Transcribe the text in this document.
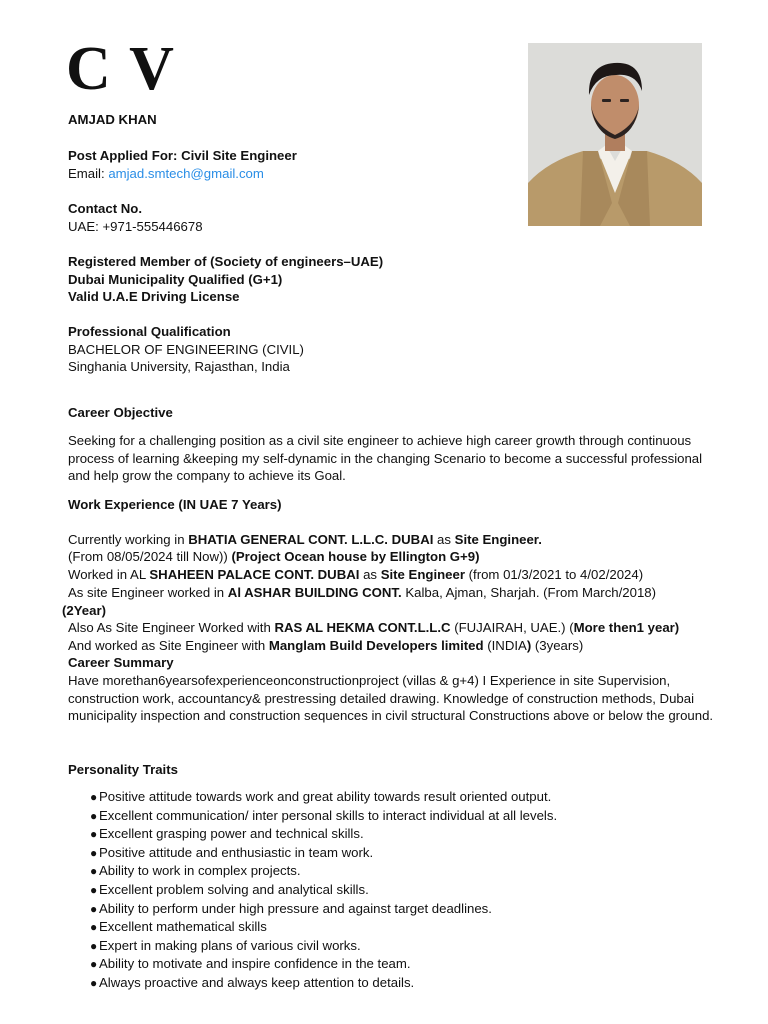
C V
AMJAD KHAN
Post Applied For: Civil Site Engineer
Email: amjad.smtech@gmail.com
Contact No.
UAE: +971-555446678
Registered Member of (Society of engineers–UAE)
Dubai Municipality Qualified (G+1)
Valid U.A.E Driving License
Professional Qualification
BACHELOR OF ENGINEERING (CIVIL)
Singhania University, Rajasthan, India
Career Objective
Seeking for a challenging position as a civil site engineer to achieve high career growth through continuous process of learning &keeping my self-dynamic in the changing Scenario to become a successful professional and help grow the company to achieve its Goal.
Work Experience (IN UAE 7 Years)
Currently working in BHATIA GENERAL CONT. L.L.C. DUBAI as Site Engineer.
(From 08/05/2024 till Now)) (Project Ocean house by Ellington G+9)
Worked in AL SHAHEEN PALACE CONT. DUBAI as Site Engineer (from 01/3/2021 to 4/02/2024)
As site Engineer worked in Al ASHAR BUILDING CONT. Kalba, Ajman, Sharjah. (From March/2018)
(2Year)
Also As Site Engineer Worked with RAS AL HEKMA CONT.L.L.C (FUJAIRAH, UAE.) (More then1 year)
And worked as Site Engineer with Manglam Build Developers limited (INDIA) (3years)
Career Summary
Have morethan6yearsofexperienceonconstructionproject (villas & g+4) I Experience in site Supervision, construction work, accountancy& prestressing detailed drawing. Knowledge of construction methods, Dubai municipality inspection and construction sequences in civil structural Constructions above or below the ground.
Personality Traits
● Positive attitude towards work and great ability towards result oriented output.
● Excellent communication/ inter personal skills to interact individual at all levels.
● Excellent grasping power and technical skills.
● Positive attitude and enthusiastic in team work.
● Ability to work in complex projects.
● Excellent problem solving and analytical skills.
● Ability to perform under high pressure and against target deadlines.
● Excellent mathematical skills
● Expert in making plans of various civil works.
● Ability to motivate and inspire confidence in the team.
● Always proactive and always keep attention to details.
